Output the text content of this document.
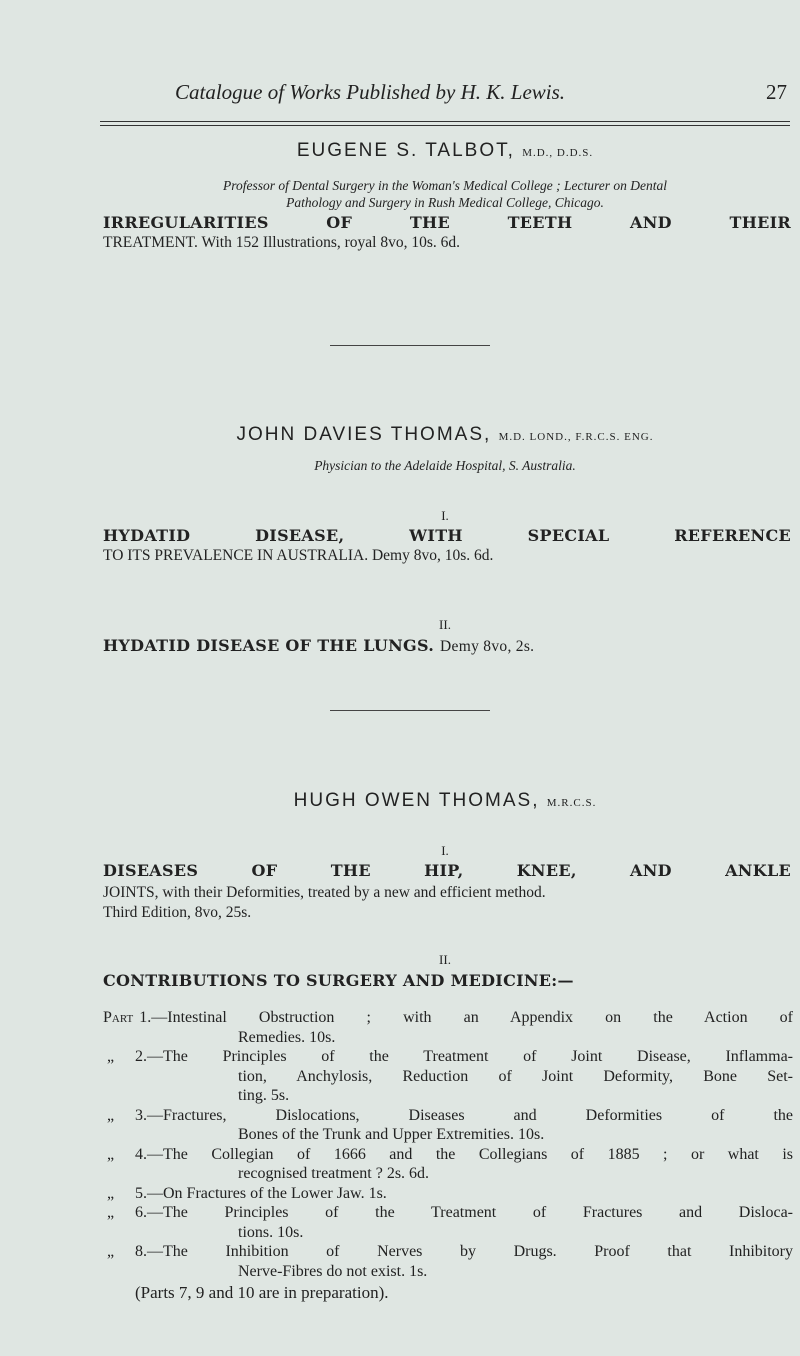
Catalogue of Works Published by H. K. Lewis.	27
EUGENE S. TALBOT, M.D., D.D.S.
Professor of Dental Surgery in the Woman's Medical College ; Lecturer on Dental
Pathology and Surgery in Rush Medical College, Chicago.
IRREGULARITIES OF THE TEETH AND THEIR
TREATMENT. With 152 Illustrations, royal 8vo, 10s. 6d.
JOHN DAVIES THOMAS, M.D. LOND., F.R.C.S. ENG.
Physician to the Adelaide Hospital, S. Australia.
I.
HYDATID DISEASE, WITH SPECIAL REFERENCE
TO ITS PREVALENCE IN AUSTRALIA. Demy 8vo, 10s. 6d.
II.
HYDATID DISEASE OF THE LUNGS. Demy 8vo, 2s.
HUGH OWEN THOMAS, M.R.C.S.
I.
DISEASES OF THE HIP, KNEE, AND ANKLE
JOINTS, with their Deformities, treated by a new and efficient method.
Third Edition, 8vo, 25s.
II.
CONTRIBUTIONS TO SURGERY AND MEDICINE:—
Part 1. —Intestinal Obstruction ; with an Appendix on the Action of
Remedies. 10s.
„	2. —The Principles of the Treatment of Joint Disease, Inflamma-
tion, Anchylosis, Reduction of Joint Deformity, Bone Set-
ting. 5s.
„	3. —Fractures, Dislocations, Diseases and Deformities of the
Bones of the Trunk and Upper Extremities. 10s.
„	4. —The Collegian of 1666 and the Collegians of 1885 ; or what is
recognised treatment ? 2s. 6d.
„	5. —On Fractures of the Lower Jaw. 1s.
„	6. —The Principles of the Treatment of Fractures and Disloca-
tions. 10s.
„	8. —The Inhibition of Nerves by Drugs. Proof that Inhibitory
Nerve-Fibres do not exist. 1s.
(Parts 7, 9 and 10 are in preparation).
